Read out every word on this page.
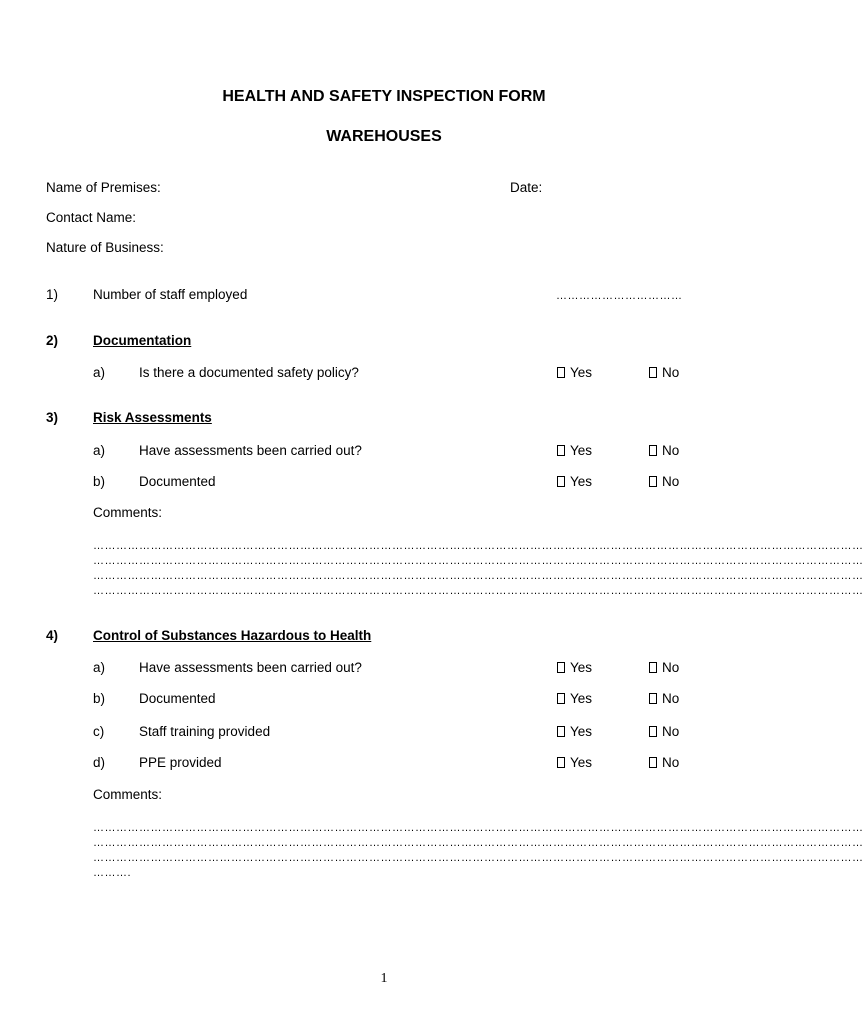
HEALTH AND SAFETY INSPECTION FORM
WAREHOUSES
Name of Premises:	Date:
Contact Name:
Nature of Business:
1)	Number of staff employed	……………………………
2)	Documentation
a)	Is there a documented safety policy?	Yes	No
3)	Risk Assessments
a)	Have assessments been carried out?	Yes	No
b)	Documented	Yes	No
Comments:
…………………………………………………………………………………………………………………………………………………………………………………
…………………………………………………………………………………………………………………………………………………………………………………
…………………………………………………………………………………………………………………………………………………………………………………
…………………………………………………………………………………………………………………………………………………………………………………
4)	Control of Substances Hazardous to Health
a)	Have assessments been carried out?	Yes	No
b)	Documented	Yes	No
c)	Staff training provided	Yes	No
d)	PPE provided	Yes	No
Comments:
…………………………………………………………………………………………………………………………………………………………………………………
…………………………………………………………………………………………………………………………………………………………………………………
…………………………………………………………………………………………………………………………………………………………………………………
……….
1
